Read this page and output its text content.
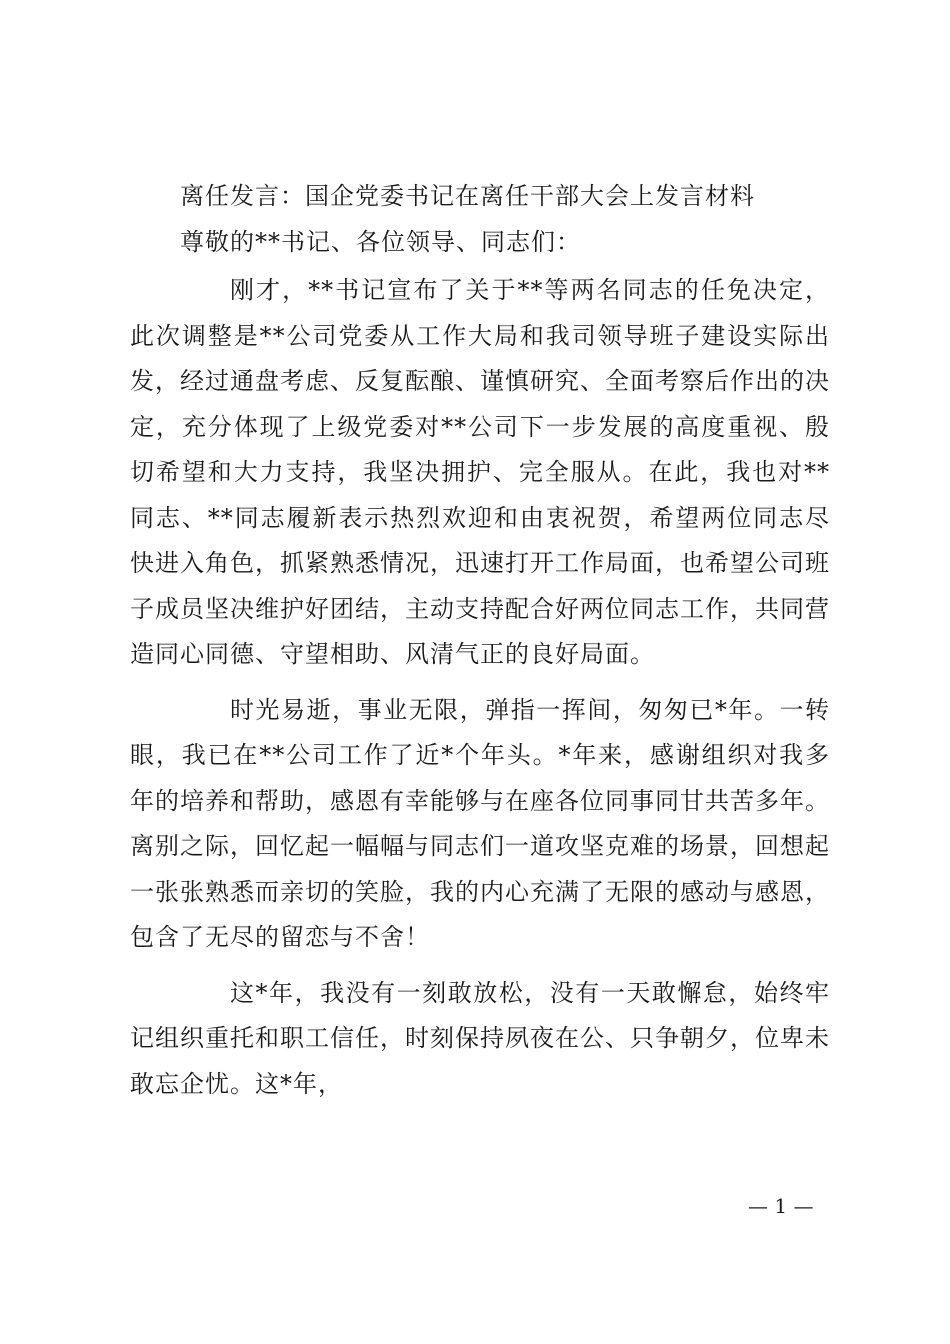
离任发言：国企党委书记在离任干部大会上发言材料
尊敬的**书记、各位领导、同志们：

刚才，**书记宣布了关于**等两名同志的任免决定，此次调整是**公司党委从工作大局和我司领导班子建设实际出发，经过通盘考虑、反复酝酿、谨慎研究、全面考察后作出的决定，充分体现了上级党委对**公司下一步发展的高度重视、殷切希望和大力支持，我坚决拥护、完全服从。在此，我也对**同志、**同志履新表示热烈欢迎和由衷祝贺，希望两位同志尽快进入角色，抓紧熟悉情况，迅速打开工作局面，也希望公司班子成员坚决维护好团结，主动支持配合好两位同志工作，共同营造同心同德、守望相助、风清气正的良好局面。

时光易逝，事业无限，弹指一挥间，匆匆已*年。一转眼，我已在**公司工作了近*个年头。*年来，感谢组织对我多年的培养和帮助，感恩有幸能够与在座各位同事同甘共苦多年。离别之际，回忆起一幅幅与同志们一道攻坚克难的场景，回想起一张张熟悉而亲切的笑脸，我的内心充满了无限的感动与感恩，包含了无尽的留恋与不舍！

这*年，我没有一刻敢放松，没有一天敢懈怠，始终牢记组织重托和职工信任，时刻保持夙夜在公、只争朝夕，位卑未敢忘企忧。这*年，

— 1 —
